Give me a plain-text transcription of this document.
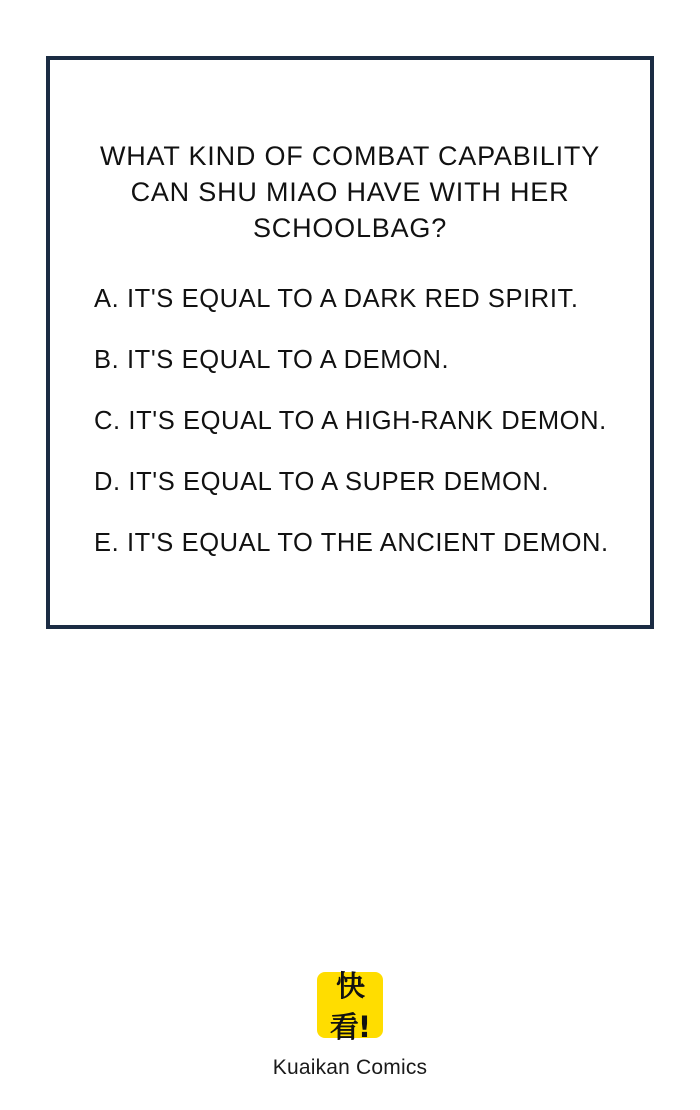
WHAT KIND OF COMBAT CAPABILITY CAN SHU MIAO HAVE WITH HER SCHOOLBAG?

A. IT'S EQUAL TO A DARK RED SPIRIT.
B. IT'S EQUAL TO A DEMON.
C. IT'S EQUAL TO A HIGH-RANK DEMON.
D. IT'S EQUAL TO A SUPER DEMON.
E. IT'S EQUAL TO THE ANCIENT DEMON.
快看!
Kuaikan Comics
